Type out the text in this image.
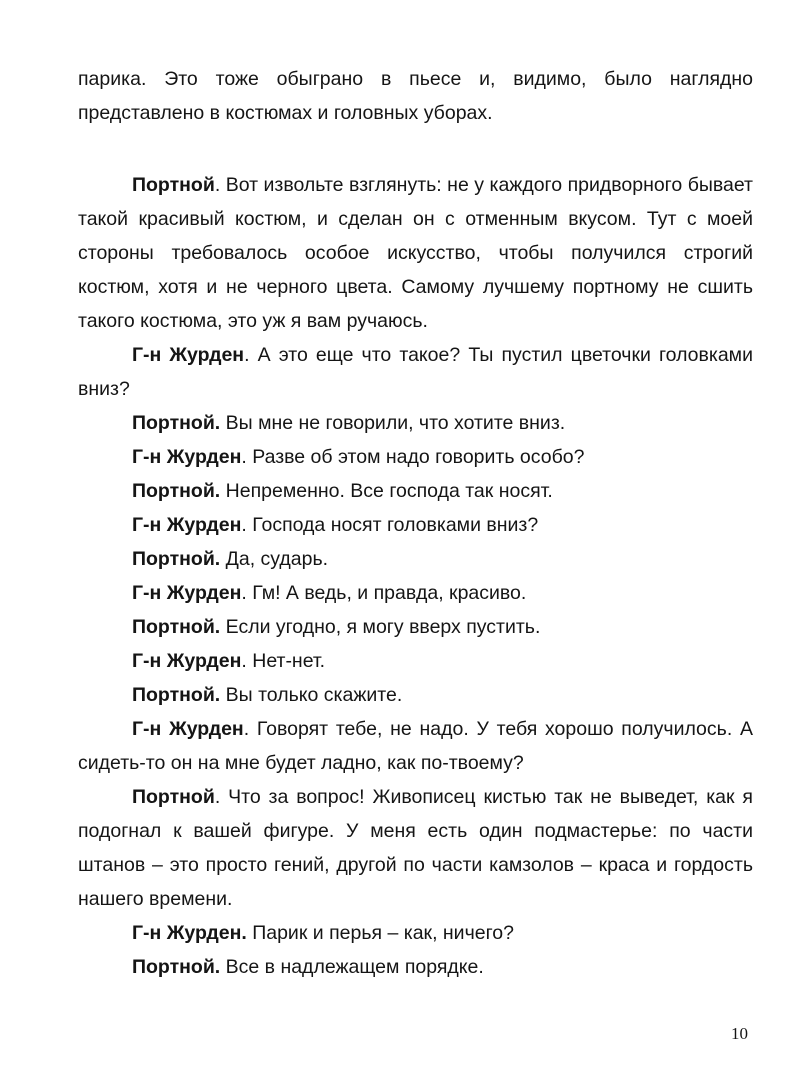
парика. Это тоже обыграно в пьесе и, видимо, было наглядно представлено в костюмах и головных уборах.

Портной. Вот извольте взглянуть: не у каждого придворного бывает такой красивый костюм, и сделан он с отменным вкусом. Тут с моей стороны требовалось особое искусство, чтобы получился строгий костюм, хотя и не черного цвета. Самому лучшему портному не сшить такого костюма, это уж я вам ручаюсь.

Г-н Журден. А это еще что такое? Ты пустил цветочки головками вниз?

Портной. Вы мне не говорили, что хотите вниз.

Г-н Журден. Разве об этом надо говорить особо?

Портной. Непременно. Все господа так носят.

Г-н Журден. Господа носят головками вниз?

Портной. Да, сударь.

Г-н Журден. Гм! А ведь, и правда, красиво.

Портной. Если угодно, я могу вверх пустить.

Г-н Журден. Нет-нет.

Портной. Вы только скажите.

Г-н Журден. Говорят тебе, не надо. У тебя хорошо получилось. А сидеть-то он на мне будет ладно, как по-твоему?

Портной. Что за вопрос! Живописец кистью так не выведет, как я подогнал к вашей фигуре. У меня есть один подмастерье: по части штанов – это просто гений, другой по части камзолов – краса и гордость нашего времени.

Г-н Журден. Парик и перья – как, ничего?

Портной. Все в надлежащем порядке.

10
